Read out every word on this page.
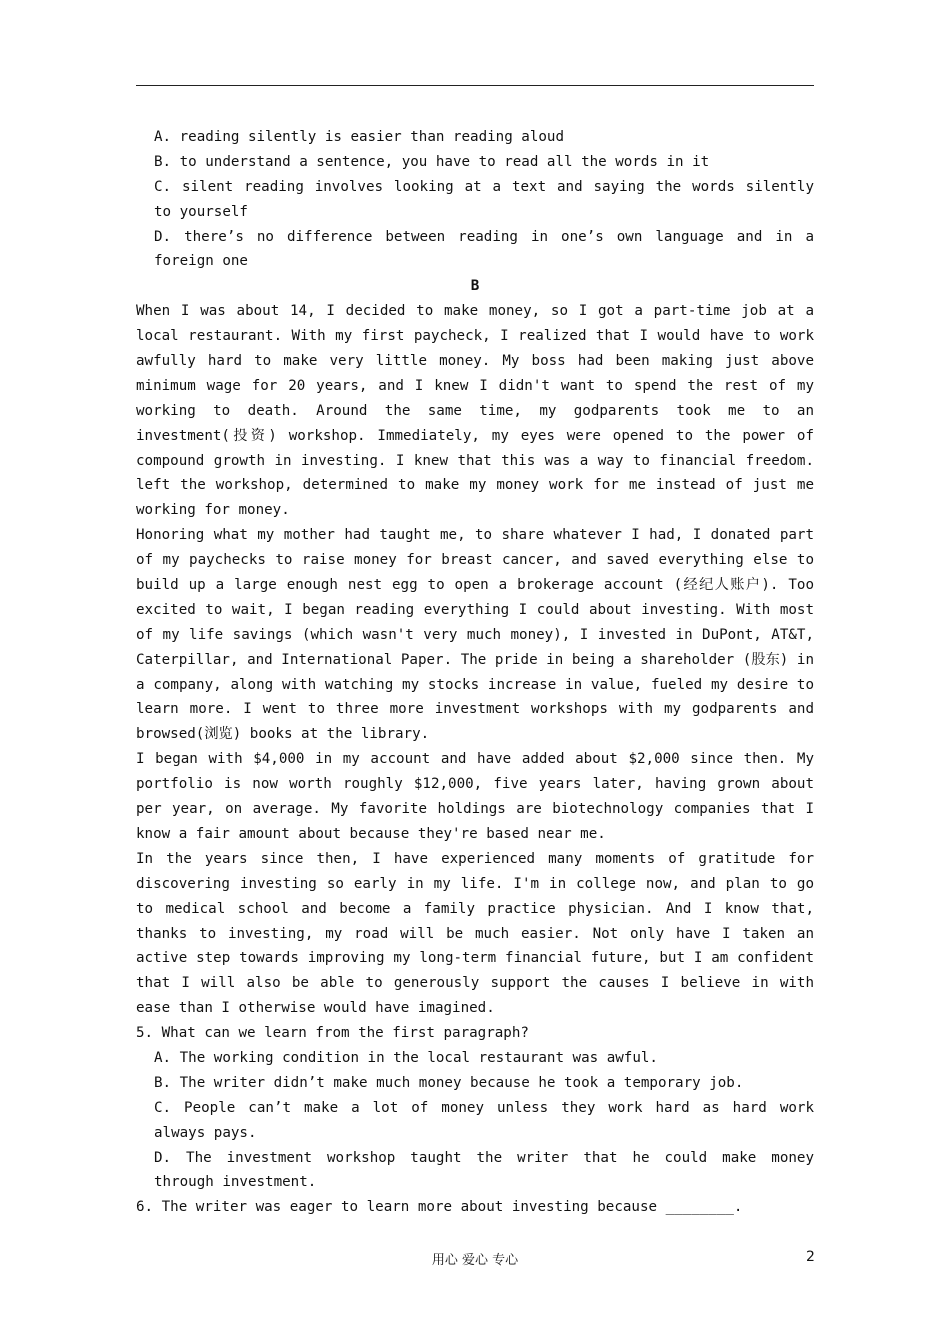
A. reading silently is easier than reading aloud
B. to understand a sentence, you have to read all the words in it
C. silent reading involves looking at a text and saying the words silently
to yourself
D. there’s no difference between reading in one’s own language and in a
foreign one
B
When I was about 14, I decided to make money, so I got a part-time job at a
local restaurant. With my first paycheck, I realized that I would have to work
awfully hard to make very little money. My boss had been making just above
minimum wage for 20 years, and I knew I didn't want to spend the rest of my
working to death. Around the same time, my godparents took me to an
investment(投资) workshop. Immediately, my eyes were opened to the power of
compound growth in investing. I knew that this was a way to financial freedom.
left the workshop, determined to make my money work for me instead of just me
working for money.
Honoring what my mother had taught me, to share whatever I had, I donated part
of my paychecks to raise money for breast cancer, and saved everything else to
build up a large enough nest egg to open a brokerage account (经纪人账户). Too
excited to wait, I began reading everything I could about investing. With most
of my life savings (which wasn't very much money), I invested in DuPont, AT&T,
Caterpillar, and International Paper. The pride in being a shareholder (股东) in
a company, along with watching my stocks increase in value, fueled my desire to
learn more. I went to three more investment workshops with my godparents and
browsed(浏览) books at the library.
I began with $4,000 in my account and have added about $2,000 since then. My
portfolio is now worth roughly $12,000, five years later, having grown about
per year, on average. My favorite holdings are biotechnology companies that I
know a fair amount about because they're based near me.
In the years since then, I have experienced many moments of gratitude for
discovering investing so early in my life. I'm in college now, and plan to go
to medical school and become a family practice physician. And I know that,
thanks to investing, my road will be much easier. Not only have I taken an
active step towards improving my long-term financial future, but I am confident
that I will also be able to generously support the causes I believe in with
ease than I otherwise would have imagined.
5. What can we learn from the first paragraph?
A. The working condition in the local restaurant was awful.
B. The writer didn’t make much money because he took a temporary job.
C. People can’t make a lot of money unless they work hard as hard work
always pays.
D. The investment workshop taught the writer that he could make money
through investment.
6. The writer was eager to learn more about investing because ________.
用心 爱心 专心	2
